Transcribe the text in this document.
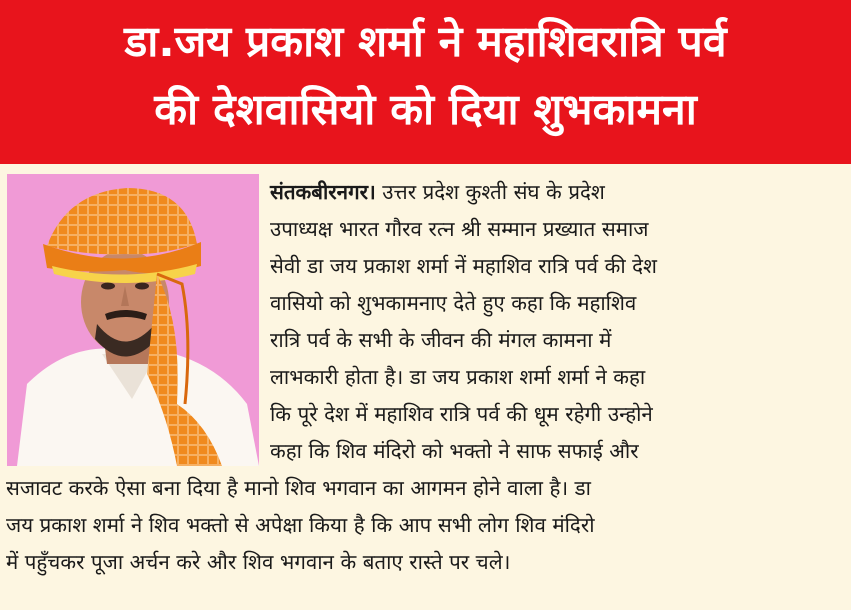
डा.जय प्रकाश शर्मा ने महाशिवरात्रि पर्व
की देशवासियो को दिया शुभकामना
संतकबीरनगर। उत्तर प्रदेश कुश्ती संघ के प्रदेश
उपाध्यक्ष भारत गौरव रत्न श्री सम्मान प्रख्यात समाज
सेवी डा जय प्रकाश शर्मा नें महाशिव रात्रि पर्व की देश
वासियो को शुभकामनाए देते हुए कहा कि महाशिव
रात्रि पर्व के सभी के जीवन की मंगल कामना में
लाभकारी होता है। डा जय प्रकाश शर्मा शर्मा ने कहा
कि पूरे देश में महाशिव रात्रि पर्व की धूम रहेगी उन्होने
कहा कि शिव मंदिरो को भक्तो ने साफ सफाई और
सजावट करके ऐसा बना दिया है मानो शिव भगवान का आगमन होने वाला है। डा
जय प्रकाश शर्मा ने शिव भक्तो से अपेक्षा किया है कि आप सभी लोग शिव मंदिरो
में पहुँचकर पूजा अर्चन करे और शिव भगवान के बताए रास्ते पर चले।
